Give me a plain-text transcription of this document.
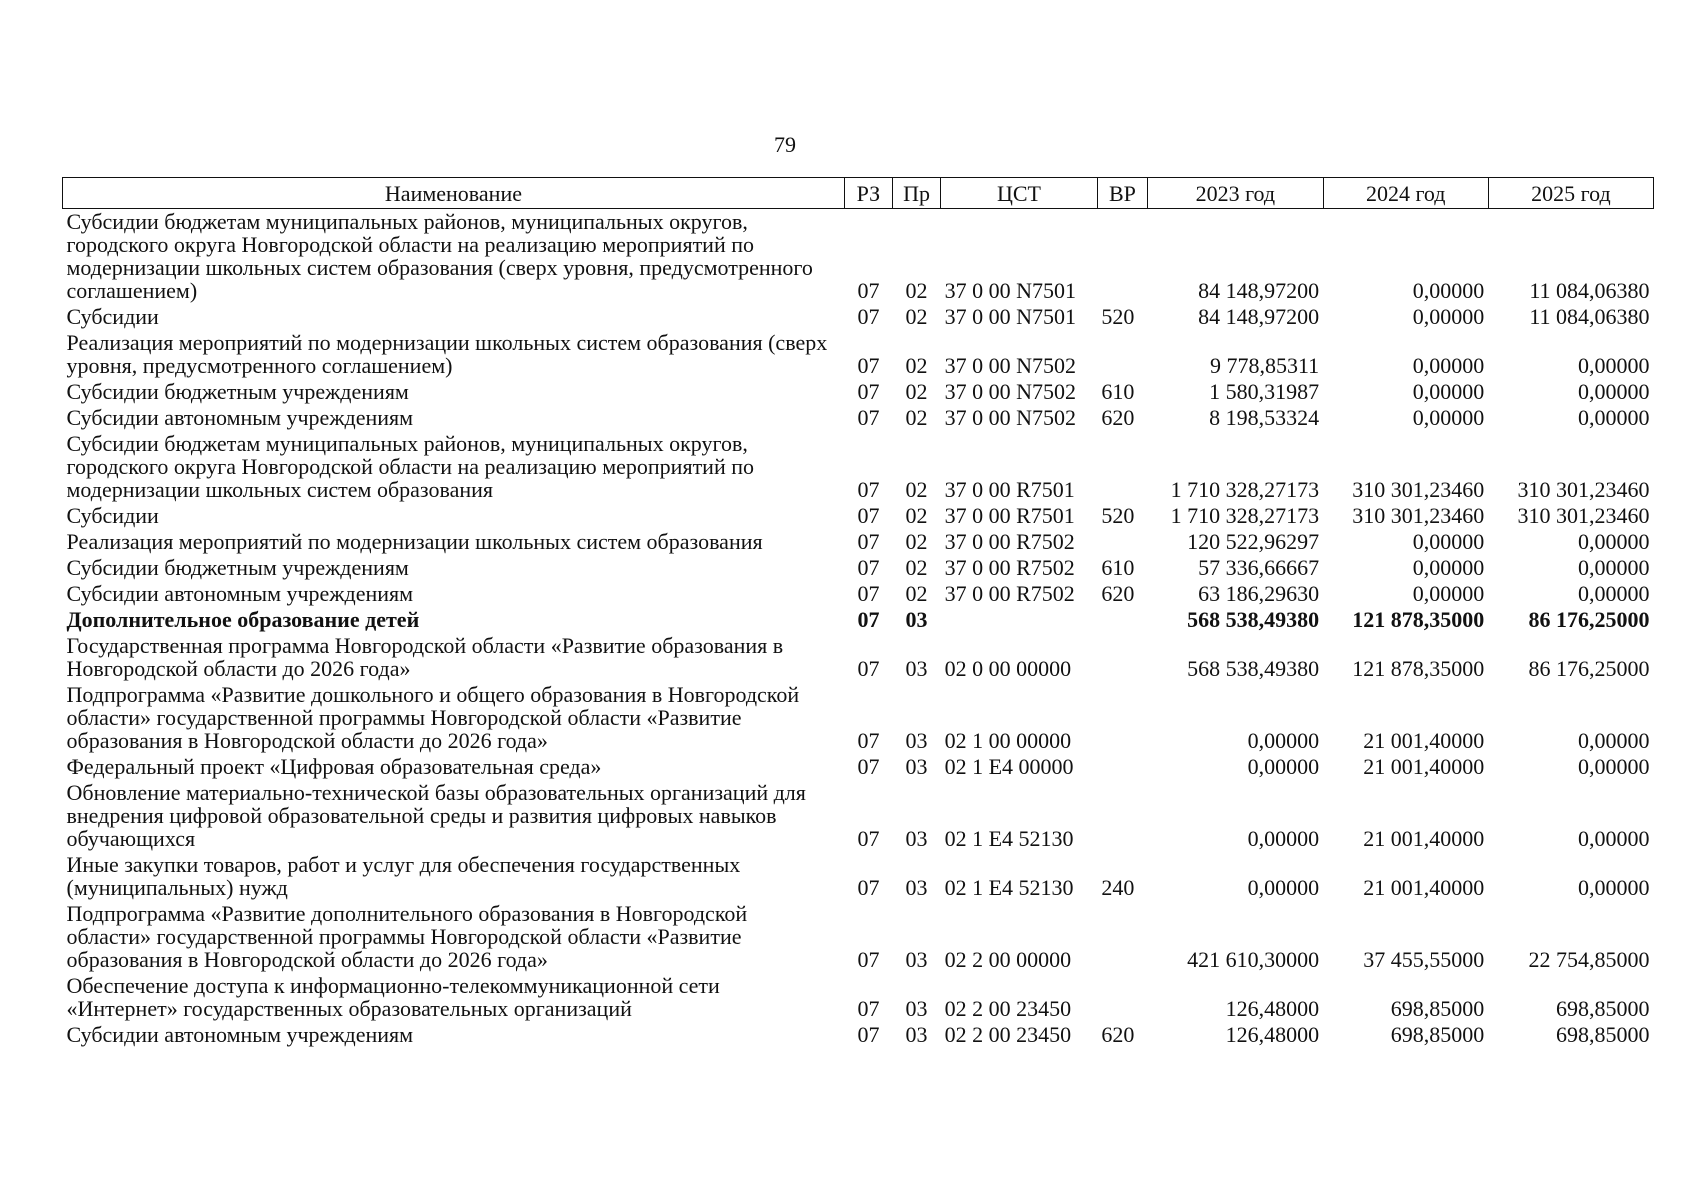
79
Наименование	РЗ	Пр	ЦСТ	ВР	2023 год	2024 год	2025 год
Субсидии бюджетам муниципальных районов, муниципальных округов, городского округа Новгородской области на реализацию мероприятий по модернизации школьных систем образования (сверх уровня, предусмотренного соглашением)	07	02	37 0 00 N7501		84 148,97200	0,00000	11 084,06380
Субсидии	07	02	37 0 00 N7501	520	84 148,97200	0,00000	11 084,06380
Реализация мероприятий по модернизации школьных систем образования (сверх уровня, предусмотренного соглашением)	07	02	37 0 00 N7502		9 778,85311	0,00000	0,00000
Субсидии бюджетным учреждениям	07	02	37 0 00 N7502	610	1 580,31987	0,00000	0,00000
Субсидии автономным учреждениям	07	02	37 0 00 N7502	620	8 198,53324	0,00000	0,00000
Субсидии бюджетам муниципальных районов, муниципальных округов, городского округа Новгородской области на реализацию мероприятий по модернизации школьных систем образования	07	02	37 0 00 R7501		1 710 328,27173	310 301,23460	310 301,23460
Субсидии	07	02	37 0 00 R7501	520	1 710 328,27173	310 301,23460	310 301,23460
Реализация мероприятий по модернизации школьных систем образования	07	02	37 0 00 R7502		120 522,96297	0,00000	0,00000
Субсидии бюджетным учреждениям	07	02	37 0 00 R7502	610	57 336,66667	0,00000	0,00000
Субсидии автономным учреждениям	07	02	37 0 00 R7502	620	63 186,29630	0,00000	0,00000
Дополнительное образование детей	07	03			568 538,49380	121 878,35000	86 176,25000
Государственная программа Новгородской области «Развитие образования в Новгородской области до 2026 года»	07	03	02 0 00 00000		568 538,49380	121 878,35000	86 176,25000
Подпрограмма «Развитие дошкольного и общего образования в Новгородской области» государственной программы Новгородской области «Развитие образования в Новгородской области до 2026 года»	07	03	02 1 00 00000		0,00000	21 001,40000	0,00000
Федеральный проект «Цифровая образовательная среда»	07	03	02 1 E4 00000		0,00000	21 001,40000	0,00000
Обновление материально-технической базы образовательных организаций для внедрения цифровой образовательной среды и развития цифровых навыков обучающихся	07	03	02 1 E4 52130		0,00000	21 001,40000	0,00000
Иные закупки товаров, работ и услуг для обеспечения государственных (муниципальных) нужд	07	03	02 1 E4 52130	240	0,00000	21 001,40000	0,00000
Подпрограмма «Развитие дополнительного образования в Новгородской области» государственной программы Новгородской области «Развитие образования в Новгородской области до 2026 года»	07	03	02 2 00 00000		421 610,30000	37 455,55000	22 754,85000
Обеспечение доступа к информационно-телекоммуникационной сети «Интернет» государственных образовательных организаций	07	03	02 2 00 23450		126,48000	698,85000	698,85000
Субсидии автономным учреждениям	07	03	02 2 00 23450	620	126,48000	698,85000	698,85000
